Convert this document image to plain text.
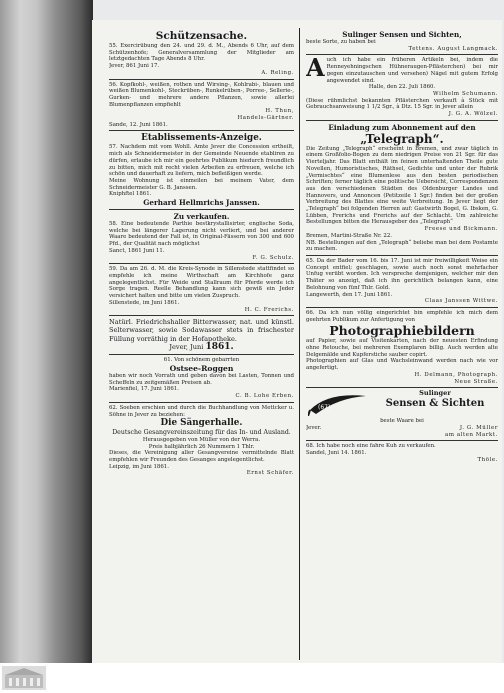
Schützensache.

55. Exercirübung den 24. und 29. d. M., Abends 6 Uhr, auf dem Schützenhofe; Generalversammlung der Mitglieder am letztgedachten Tage Abends 8 Uhr.

Jever, 861 Juni 17.

A. Reling.

56. Kopfkohl-, weißen, rothen und Wirsing-, Kohlrabi-, blauen und weißen Blumenkohl-, Steckrüben-, Runkelrüben-, Porree-, Sellerie-, Gurken- und mehrere andere Pflanzen, sowie allerlei Blumenpflanzen empfiehlt

H. Thun,

Handels-Gärtner.

Sande, 12. Juni 1861.

Etablissements-Anzeige.

57. Nachdem mit vom Wohll. Amte Jever die Concession ertheilt, mich als Schneidermeister in der Gemeinde Neuende etabliren zu dürfen, erlaube ich mir ein geehrtes Publikum hiedurch freundlich zu bitten, mich mit recht vielen Arbeiten zu erfreuen, welche ich schön und dauerhaft zu liefern, mich befleißigen werde.

Meine Wohnung ist einmeilen bei meinem Vater, dem Schneidermeister G. B. Janssen.

Kniphftel 1861.

Gerhard Hellmrichs Janssen.

Zu verkaufen.

58. Eine bedeutende Parthie bestkrystallisirter, englische Soda, welche bei längerer Lagerung nicht verliert, und bei anderer Waare bedeutend der Fall ist, in Original-Fässern von 300 und 600 Pfd., der Qualität nach möglichst

Sanct, 1861 Juni 11.

F. G. Schulz.

59. Da am 26. d. M. die Kreis-Synode in Sillenstede stattfindet so empfehle ich meine Wirthschaft am Kirchhofe ganz angelegentlichst. Für Weide und Stallraum für Pferde werde ich Sorge tragen. Reelle Behandlung kann sich gewiß ein Jeder versichert halten und bitte um vielen Zuspruch.

Sillenstede, im Juni 1861.

H. C. Frerichs.

Natürl. Friedrichshaller Bitterwasser, nat. und künstl. Selterwasser, sowie Sodawasser stets in frischester Füllung vorräthig in der Hofapotheke.

Jever, Juni 1861.

61. Von schönem gebarrten

Ostsee-Roggen

haben wir noch Vorrath und geben davon bei Lasten, Tonnen und Scheffeln zu zeitgemäßen Preisen ab.

Marienfiel, 17. Juni 1861.

C. B. Lohe Erben.

62. Soeben erschien und durch die Buchhandlung von Mettcker u. Söhne in Jever zu beziehen:

Die Sängerhalle.

Deutsche Gesangvereinszeitung für das In- und Ausland.

Herausgegeben von Müller von der Werra.

Preis halbjährlich 26 Nummern 1 Thlr.

Dieses, die Vereinigung aller Gesangvereine vermittelnde Blatt empfehlen wir Freunden des Gesanges angelegentlichst.

Leipzig, im Juni 1861.

Ernst Schäfer.

Sulinger Sensen und Sichten,

beste Sorte, zu haben bei

Tettens. August Langmack.

A uch ich habe ein früheren Artikeln bei, indem die Renneyehningschen Hühneraugen-Pflästerchen) bei mir gegen einzutauschen und versehen) Nägel mit gutem Erfolg angewendet sind.

Halle, den 22. Juli 1860.

Wilhelm Schumann.

(Diese rühmlichst bekannten Pflästerchen verkauft à Stück mit Gebrauchsanweisung 1 1/2 Sgr., à Dtz. 15 Sgr. in Jever allein

J. G. A. Wölzel.

Einladung zum Abonnement auf den

„Telegraph“.

Die Zeitung „Telegraph“ erscheint in Bremen, und zwar täglich in einem Großfolio-Bogen zu dem niedrigen Preise von 21 Sgr. für das Vierteljahr. Das Blatt enthält im feinen unterhaltenden Theile gute Novellen, Humoristisches, Räthsel, Gedichte und unter der Rubrik „Vermischtes“ eine Blumenlese aus den besten periodischen Schriften; ferner täglich eine politische Uebersicht, Correspondenzen aus den verschiedenen Städten des Oldenburger Landes und Hannovers, und Annoncen (Petitzeile 1 Sgr.) finden bei der großen Verbreitung des Blattes eine weite Verbreitung. In Jever liegt der „Telegraph“ bei folgenden Herren auf: Gastwirth Bogel, G. Ibsken, G. Lübben, Frerichs und Frerichs auf der Schlacht. Um zahlreiche Bestellungen bitten die Herausgeber des „Telegraph“

Freese und Bickmann.

Bremen, Martini-Straße Nr. 22.

NB. Bestellungen auf den „Telegraph“ beliebe man bei dem Postamte zu machen.

65. Da der Bader vom 16. bis 17. Juni ist mir freiwilligkeit Weise ein Concept entfiel; geschlagen, sowie auch noch sonst mehrfacher Unfug verübt worden. Ich verspreche demjenigen, welcher mir den Thäter so anzeigt, daß ich ihn gerichtlich belangen kann, eine Belohnung von fünf Thlr. Gold.

Langewerth, den 17. Juni 1861.

Claas Janssen Wittwe.

66. Da ich nun völlig eingerichtet bin empfehle ich mich dem geehrten Publikum zur Anfertigung von

Photographiebildern

auf Papier, sowie auf Visitenkarten, nach der neuesten Erfindung ohne Retouche, bei mehreren Exemplaren billig. Auch werden alte Delgemälde und Kupferstiche sauber copirt.

Photographien auf Glas und Wachsleinwand werden nach wie vor angefertigt.

H. Delmann, Photograph.

Neue Straße.

(67)

Sulinger

Sensen & Sichten

beste Waare bei

Jever.	J. G. Müller

am alten Markt.

68. Ich habe noch eine fahre Kuh zu verkaufen.

Sandel, Juni 14. 1861.

Thöle.
